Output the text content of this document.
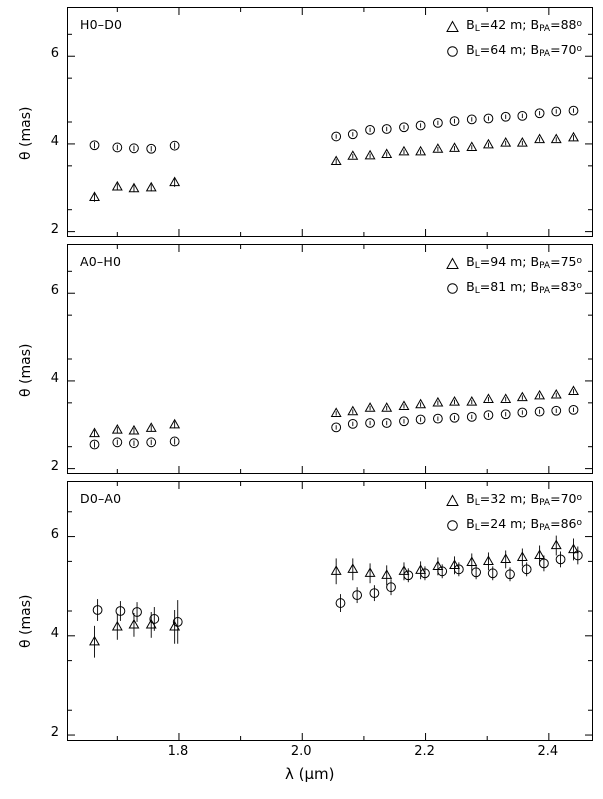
H0–D0	$B_L=42$ m; $B_{PA}=88^o$
$B_L=64$ m; $B_{PA}=70^o$
θ (mas)
A0–H0	$B_L=94$ m; $B_{PA}=75^o$
$B_L=81$ m; $B_{PA}=83^o$
θ (mas)
D0–A0	$B_L=32$ m; $B_{PA}=70^o$
$B_L=24$ m; $B_{PA}=86^o$
θ (mas)
λ (μm)
1.8	2.0	2.2	2.4
2
4
6
2
4
6
2
4
6
